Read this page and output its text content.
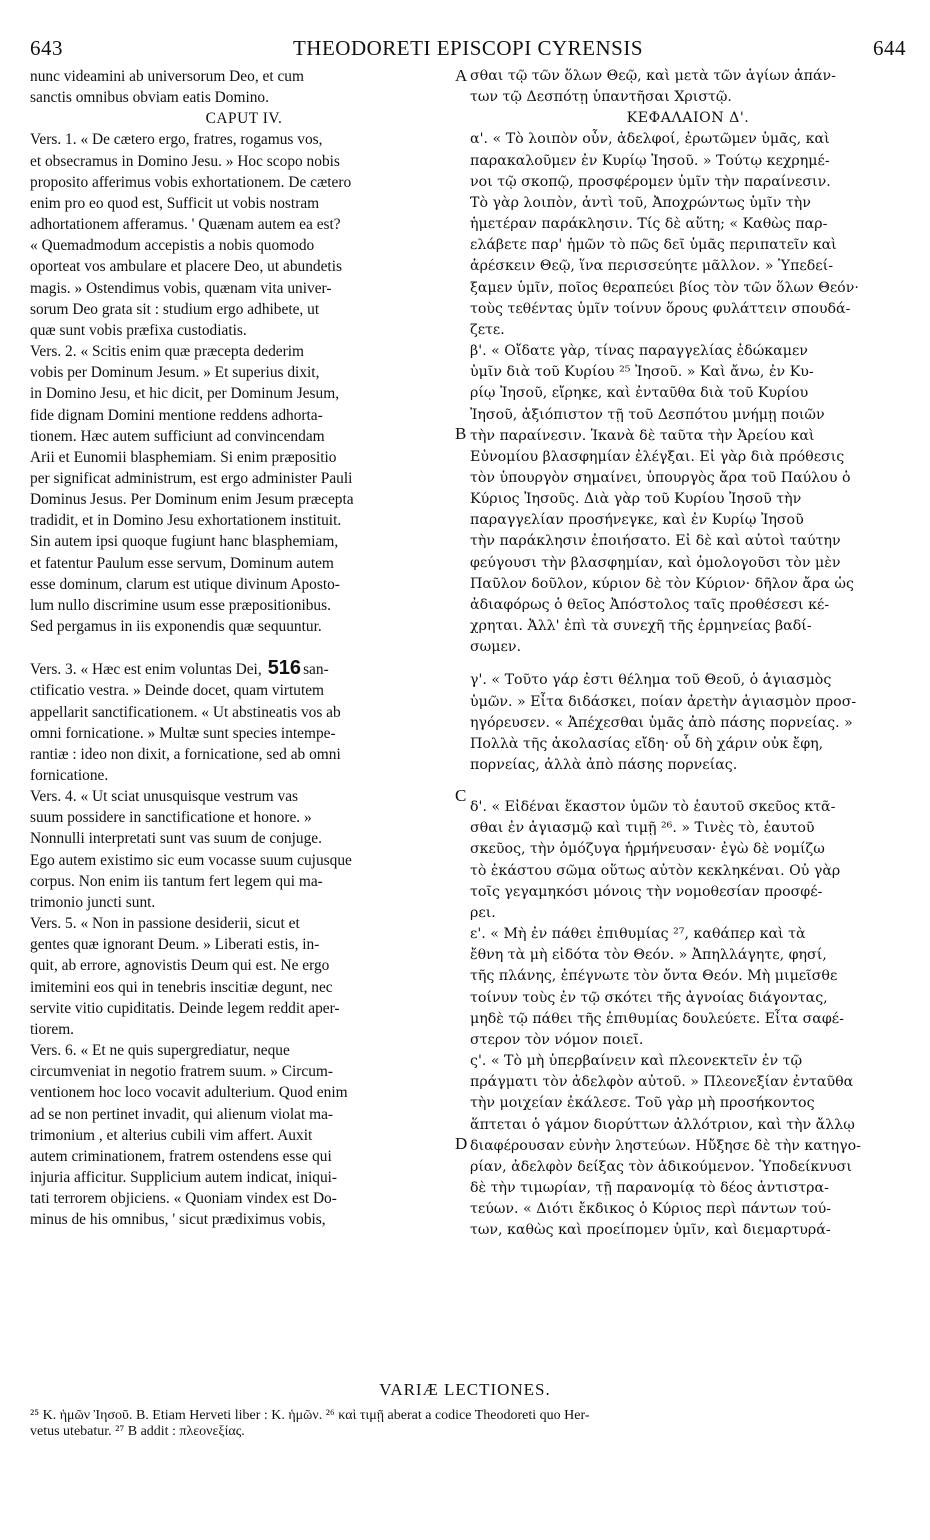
643	THEODORETI EPISCOPI CYRENSIS	644
A
B
C
D

nunc videamini ab universorum Deo, et cum

sanctis omnibus obviam eatis Domino.

CAPUT IV.

Vers. 1. « De cætero ergo, fratres, rogamus vos,

et obsecramus in Domino Jesu. » Hoc scopo nobis

proposito afferimus vobis exhortationem. De cætero

enim pro eo quod est, Sufficit ut vobis nostram

adhortationem afferamus. ' Quænam autem ea est?

« Quemadmodum accepistis a nobis quomodo

oporteat vos ambulare et placere Deo, ut abundetis

magis. » Ostendimus vobis, quænam vita univer-

sorum Deo grata sit : studium ergo adhibete, ut

quæ sunt vobis præfixa custodiatis.

Vers. 2. « Scitis enim quæ præcepta dederim

vobis per Dominum Jesum. » Et superius dixit,

in Domino Jesu, et hic dicit, per Dominum Jesum,

fide dignam Domini mentione reddens adhorta-

tionem. Hæc autem sufficiunt ad convincendam

Arii et Eunomii blasphemiam. Si enim præpositio

per significat administrum, est ergo administer Pauli

Dominus Jesus. Per Dominum enim Jesum præcepta

tradidit, et in Domino Jesu exhortationem instituit.

Sin autem ipsi quoque fugiunt hanc blasphemiam,

et fatentur Paulum esse servum, Dominum autem

esse dominum, clarum est utique divinum Aposto-

lum nullo discrimine usum esse præpositionibus.

Sed pergamus in iis exponendis quæ sequuntur.

Vers. 3. « Hæc est enim voluntas Dei, 516 san-

ctificatio vestra. » Deinde docet, quam virtutem

appellarit sanctificationem. « Ut abstineatis vos ab

omni fornicatione. » Multæ sunt species intempe-

rantiæ : ideo non dixit, a fornicatione, sed ab omni

fornicatione.

Vers. 4. « Ut sciat unusquisque vestrum vas

suum possidere in sanctificatione et honore. »

Nonnulli interpretati sunt vas suum de conjuge.

Ego autem existimo sic eum vocasse suum cujusque

corpus. Non enim iis tantum fert legem qui ma-

trimonio juncti sunt.

Vers. 5. « Non in passione desiderii, sicut et

gentes quæ ignorant Deum. » Liberati estis, in-

quit, ab errore, agnovistis Deum qui est. Ne ergo

imitemini eos qui in tenebris inscitiæ degunt, nec

servite vitio cupiditatis. Deinde legem reddit aper-

tiorem.

Vers. 6. « Et ne quis supergrediatur, neque

circumveniat in negotio fratrem suum. » Circum-

ventionem hoc loco vocavit adulterium. Quod enim

ad se non pertinet invadit, qui alienum violat ma-

trimonium , et alterius cubili vim affert. Auxit

autem criminationem, fratrem ostendens esse qui

injuria afficitur. Supplicium autem indicat, iniqui-

tati terrorem objiciens. « Quoniam vindex est Do-

minus de his omnibus, ' sicut prædiximus vobis,

σθαι τῷ τῶν ὅλων Θεῷ, καὶ μετὰ τῶν ἁγίων ἁπάν-

των τῷ Δεσπότῃ ὑπαντῆσαι Χριστῷ.

ΚΕΦΑΛΑΙΟΝ Δ'.

α'. « Τὸ λοιπὸν οὖν, ἀδελφοί, ἐρωτῶμεν ὑμᾶς, καὶ

παρακαλοῦμεν ἐν Κυρίῳ Ἰησοῦ. » Τούτῳ κεχρημέ-

νοι τῷ σκοπῷ, προσφέρομεν ὑμῖν τὴν παραίνεσιν.

Τὸ γὰρ λοιπὸν, ἀντὶ τοῦ, Ἀποχρώντως ὑμῖν τὴν

ἡμετέραν παράκλησιν. Τίς δὲ αὕτη; « Καθὼς παρ-

ελάβετε παρ' ἡμῶν τὸ πῶς δεῖ ὑμᾶς περιπατεῖν καὶ

ἀρέσκειν Θεῷ, ἵνα περισσεύητε μᾶλλον. » Ὑπεδεί-

ξαμεν ὑμῖν, ποῖος θεραπεύει βίος τὸν τῶν ὅλων Θεόν·

τοὺς τεθέντας ὑμῖν τοίνυν ὅρους φυλάττειν σπουδά-

ζετε.

β'. « Οἴδατε γὰρ, τίνας παραγγελίας ἐδώκαμεν

ὑμῖν διὰ τοῦ Κυρίου ²⁵ Ἰησοῦ. » Καὶ ἄνω, ἐν Κυ-

ρίῳ Ἰησοῦ, εἴρηκε, καὶ ἐνταῦθα διὰ τοῦ Κυρίου

Ἰησοῦ, ἀξιόπιστον τῇ τοῦ Δεσπότου μνήμῃ ποιῶν

τὴν παραίνεσιν. Ἱκανὰ δὲ ταῦτα τὴν Ἀρείου καὶ

Εὐνομίου βλασφημίαν ἐλέγξαι. Εἰ γὰρ διὰ πρόθεσις

τὸν ὑπουργὸν σημαίνει, ὑπουργὸς ἄρα τοῦ Παύλου ὁ

Κύριος Ἰησοῦς. Διὰ γὰρ τοῦ Κυρίου Ἰησοῦ τὴν

παραγγελίαν προσήνεγκε, καὶ ἐν Κυρίῳ Ἰησοῦ

τὴν παράκλησιν ἐποιήσατο. Εἰ δὲ καὶ αὐτοὶ ταύτην

φεύγουσι τὴν βλασφημίαν, καὶ ὁμολογοῦσι τὸν μὲν

Παῦλον δοῦλον, κύριον δὲ τὸν Κύριον· δῆλον ἄρα ὡς

ἀδιαφόρως ὁ θεῖος Ἀπόστολος ταῖς προθέσεσι κέ-

χρηται. Ἀλλ' ἐπὶ τὰ συνεχῆ τῆς ἑρμηνείας βαδί-

σωμεν.

γ'. « Τοῦτο γάρ ἐστι θέλημα τοῦ Θεοῦ, ὁ ἁγιασμὸς

ὑμῶν. » Εἶτα διδάσκει, ποίαν ἀρετὴν ἁγιασμὸν προσ-

ηγόρευσεν. « Ἀπέχεσθαι ὑμᾶς ἀπὸ πάσης πορνείας. »

Πολλὰ τῆς ἀκολασίας εἴδη· οὗ δὴ χάριν οὐκ ἔφη,

πορνείας, ἀλλὰ ἀπὸ πάσης πορνείας.

δ'. « Εἰδέναι ἕκαστον ὑμῶν τὸ ἑαυτοῦ σκεῦος κτᾶ-

σθαι ἐν ἁγιασμῷ καὶ τιμῇ ²⁶. » Τινὲς τὸ, ἑαυτοῦ

σκεῦος, τὴν ὁμόζυγα ἡρμήνευσαν· ἐγὼ δὲ νομίζω

τὸ ἑκάστου σῶμα οὕτως αὐτὸν κεκληκέναι. Οὐ γὰρ

τοῖς γεγαμηκόσι μόνοις τὴν νομοθεσίαν προσφέ-

ρει.

ε'. « Μὴ ἐν πάθει ἐπιθυμίας ²⁷, καθάπερ καὶ τὰ

ἔθνη τὰ μὴ εἰδότα τὸν Θεόν. » Ἀπηλλάγητε, φησί,

τῆς πλάνης, ἐπέγνωτε τὸν ὄντα Θεόν. Μὴ μιμεῖσθε

τοίνυν τοὺς ἐν τῷ σκότει τῆς ἀγνοίας διάγοντας,

μηδὲ τῷ πάθει τῆς ἐπιθυμίας δουλεύετε. Εἶτα σαφέ-

στερον τὸν νόμον ποιεῖ.

ς'. « Τὸ μὴ ὑπερβαίνειν καὶ πλεονεκτεῖν ἐν τῷ

πράγματι τὸν ἀδελφὸν αὐτοῦ. » Πλεονεξίαν ἐνταῦθα

τὴν μοιχείαν ἐκάλεσε. Τοῦ γὰρ μὴ προσήκοντος

ἅπτεται ὁ γάμον διορύττων ἀλλότριον, καὶ τὴν ἄλλῳ

διαφέρουσαν εὐνὴν ληστεύων. Ηὔξησε δὲ τὴν κατηγο-

ρίαν, ἀδελφὸν δείξας τὸν ἀδικούμενον. Ὑποδείκνυσι

δὲ τὴν τιμωρίαν, τῇ παρανομίᾳ τὸ δέος ἀντιστρα-

τεύων. « Διότι ἔκδικος ὁ Κύριος περὶ πάντων τού-

των, καθὼς καὶ προείπομεν ὑμῖν, καὶ διεμαρτυρά-

VARIÆ LECTIONES.

²⁵ K. ἡμῶν Ἰησοῦ. B. Etiam Herveti liber : K. ἡμῶν. ²⁶ καὶ τιμῇ aberat a codice Theodoreti quo Her-

vetus utebatur. ²⁷ B addit : πλεονεξίας.
